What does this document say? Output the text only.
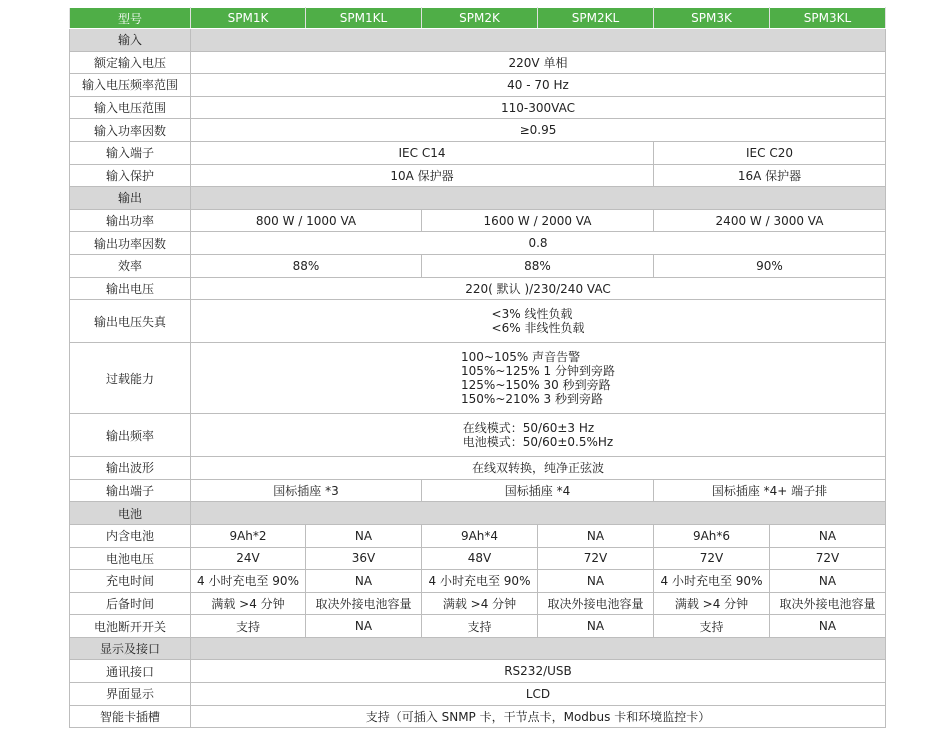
型号	SPM1K	SPM1KL	SPM2K	SPM2KL	SPM3K	SPM3KL
输入						
额定输入电压	220V 单相					
输入电压频率范围	40 - 70 Hz					
输入电压范围	110-300VAC					
输入功率因数	≥0.95					
输入端子	IEC C14				IEC C20	
输入保护	10A 保护器				16A 保护器	
输出						
输出功率	800 W / 1000 VA		1600 W / 2000 VA		2400 W / 3000 VA	
输出功率因数	0.8					
效率	88%		88%		90%	
输出电压	220( 默认 )/230/240 VAC					
输出电压失真	<3% 线性负载
<6% 非线性负载					

过载能力	100~105% 声音告警
105%~125% 1 分钟到旁路
125%~150% 30 秒到旁路
150%~210% 3 秒到旁路					

输出频率	在线模式：50/60±3 Hz
电池模式：50/60±0.5%Hz					

输出波形	在线双转换，纯净正弦波					
输出端子	国标插座 *3		国标插座 *4		国标插座 *4+ 端子排	
电池						
内含电池	9Ah*2	NA	9Ah*4	NA	9Ah*6	NA
电池电压	24V	36V	48V	72V	72V	72V
充电时间	4 小时充电至 90%	NA	4 小时充电至 90%	NA	4 小时充电至 90%	NA
后备时间	满载 >4 分钟	取决外接电池容量	满载 >4 分钟	取决外接电池容量	满载 >4 分钟	取决外接电池容量
电池断开开关	支持	NA	支持	NA	支持	NA
显示及接口						
通讯接口	RS232/USB					
界面显示	LCD					
智能卡插槽	支持（可插入 SNMP 卡，干节点卡，Modbus 卡和环境监控卡）					
